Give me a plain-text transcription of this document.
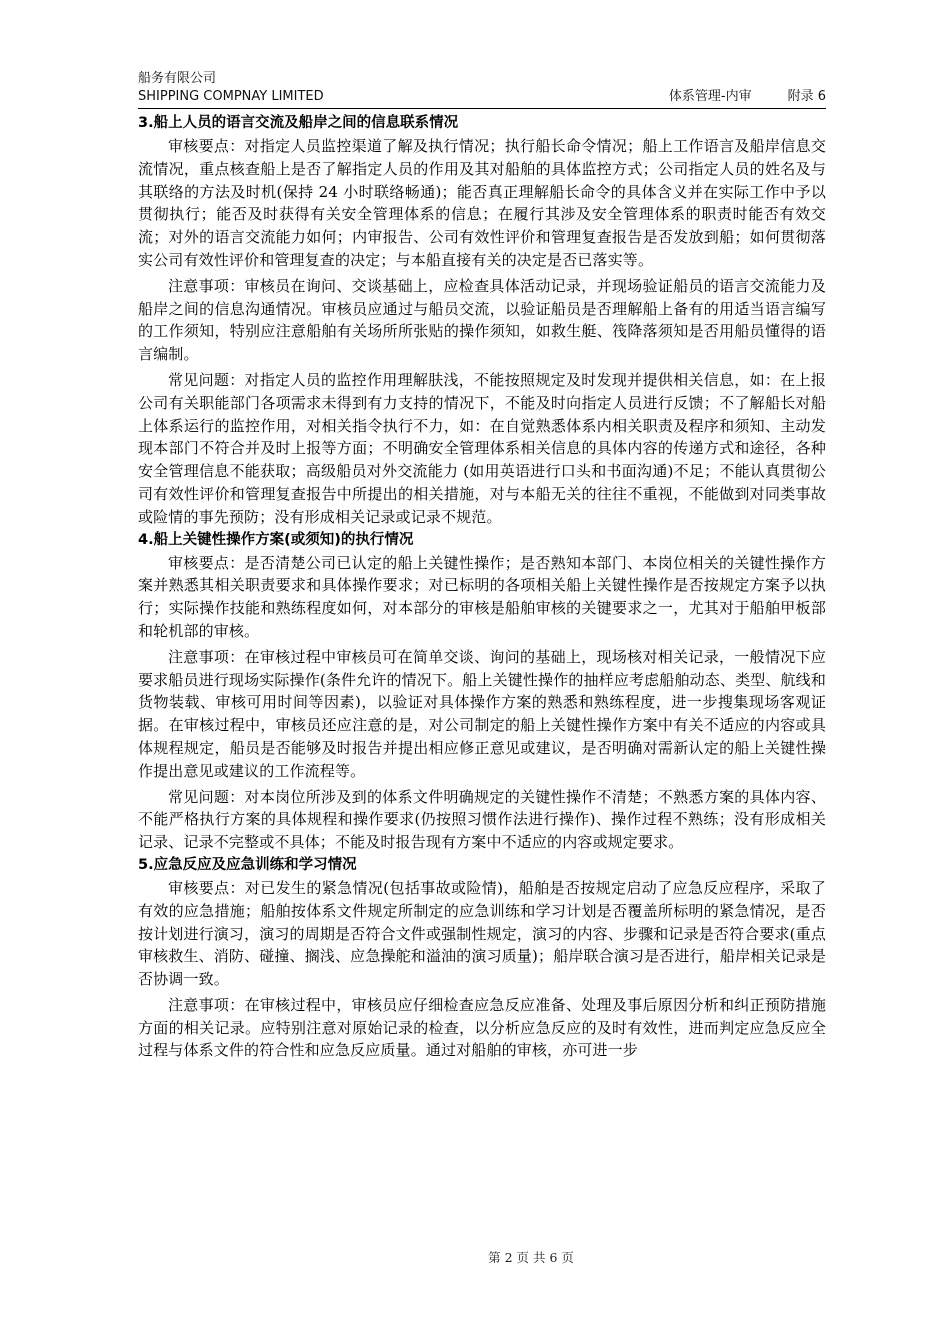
船务有限公司
SHIPPING COMPNAY LIMITED	体系管理-内审	附录 6
3.船上人员的语言交流及船岸之间的信息联系情况

审核要点：对指定人员监控渠道了解及执行情况；执行船长命令情况；船上工作语言及船岸信息交流情况，重点核查船上是否了解指定人员的作用及其对船舶的具体监控方式；公司指定人员的姓名及与其联络的方法及时机(保持 24 小时联络畅通)；能否真正理解船长命令的具体含义并在实际工作中予以贯彻执行；能否及时获得有关安全管理体系的信息；在履行其涉及安全管理体系的职责时能否有效交流；对外的语言交流能力如何；内审报告、公司有效性评价和管理复查报告是否发放到船；如何贯彻落实公司有效性评价和管理复查的决定；与本船直接有关的决定是否已落实等。

注意事项：审核员在询问、交谈基础上，应检查具体活动记录，并现场验证船员的语言交流能力及船岸之间的信息沟通情况。审核员应通过与船员交流，以验证船员是否理解船上备有的用适当语言编写的工作须知，特别应注意船舶有关场所所张贴的操作须知，如救生艇、筏降落须知是否用船员懂得的语言编制。

常见问题：对指定人员的监控作用理解肤浅，不能按照规定及时发现并提供相关信息，如：在上报公司有关职能部门各项需求未得到有力支持的情况下，不能及时向指定人员进行反馈；不了解船长对船上体系运行的监控作用，对相关指令执行不力，如：在自觉熟悉体系内相关职责及程序和须知、主动发现本部门不符合并及时上报等方面；不明确安全管理体系相关信息的具体内容的传递方式和途径，各种安全管理信息不能获取；高级船员对外交流能力 (如用英语进行口头和书面沟通)不足；不能认真贯彻公司有效性评价和管理复查报告中所提出的相关措施，对与本船无关的往往不重视，不能做到对同类事故或险情的事先预防；没有形成相关记录或记录不规范。

4.船上关键性操作方案(或须知)的执行情况

审核要点：是否清楚公司已认定的船上关键性操作；是否熟知本部门、本岗位相关的关键性操作方案并熟悉其相关职责要求和具体操作要求；对已标明的各项相关船上关键性操作是否按规定方案予以执行；实际操作技能和熟练程度如何，对本部分的审核是船舶审核的关键要求之一，尤其对于船舶甲板部和轮机部的审核。

注意事项：在审核过程中审核员可在简单交谈、询问的基础上，现场核对相关记录，一般情况下应要求船员进行现场实际操作(条件允许的情况下。船上关键性操作的抽样应考虑船舶动态、类型、航线和货物装载、审核可用时间等因素)，以验证对具体操作方案的熟悉和熟练程度，进一步搜集现场客观证据。在审核过程中，审核员还应注意的是，对公司制定的船上关键性操作方案中有关不适应的内容或具体规程规定，船员是否能够及时报告并提出相应修正意见或建议，是否明确对需新认定的船上关键性操作提出意见或建议的工作流程等。

常见问题：对本岗位所涉及到的体系文件明确规定的关键性操作不清楚；不熟悉方案的具体内容、不能严格执行方案的具体规程和操作要求(仍按照习惯作法进行操作)、操作过程不熟练；没有形成相关记录、记录不完整或不具体；不能及时报告现有方案中不适应的内容或规定要求。

5.应急反应及应急训练和学习情况

审核要点：对已发生的紧急情况(包括事故或险情)，船舶是否按规定启动了应急反应程序，采取了有效的应急措施；船舶按体系文件规定所制定的应急训练和学习计划是否覆盖所标明的紧急情况，是否按计划进行演习，演习的周期是否符合文件或强制性规定，演习的内容、步骤和记录是否符合要求(重点审核救生、消防、碰撞、搁浅、应急操舵和溢油的演习质量)；船岸联合演习是否进行，船岸相关记录是否协调一致。

注意事项：在审核过程中，审核员应仔细检查应急反应准备、处理及事后原因分析和纠正预防措施方面的相关记录。应特别注意对原始记录的检查，以分析应急反应的及时有效性，进而判定应急反应全过程与体系文件的符合性和应急反应质量。通过对船舶的审核，亦可进一步

第 2 页 共 6 页
